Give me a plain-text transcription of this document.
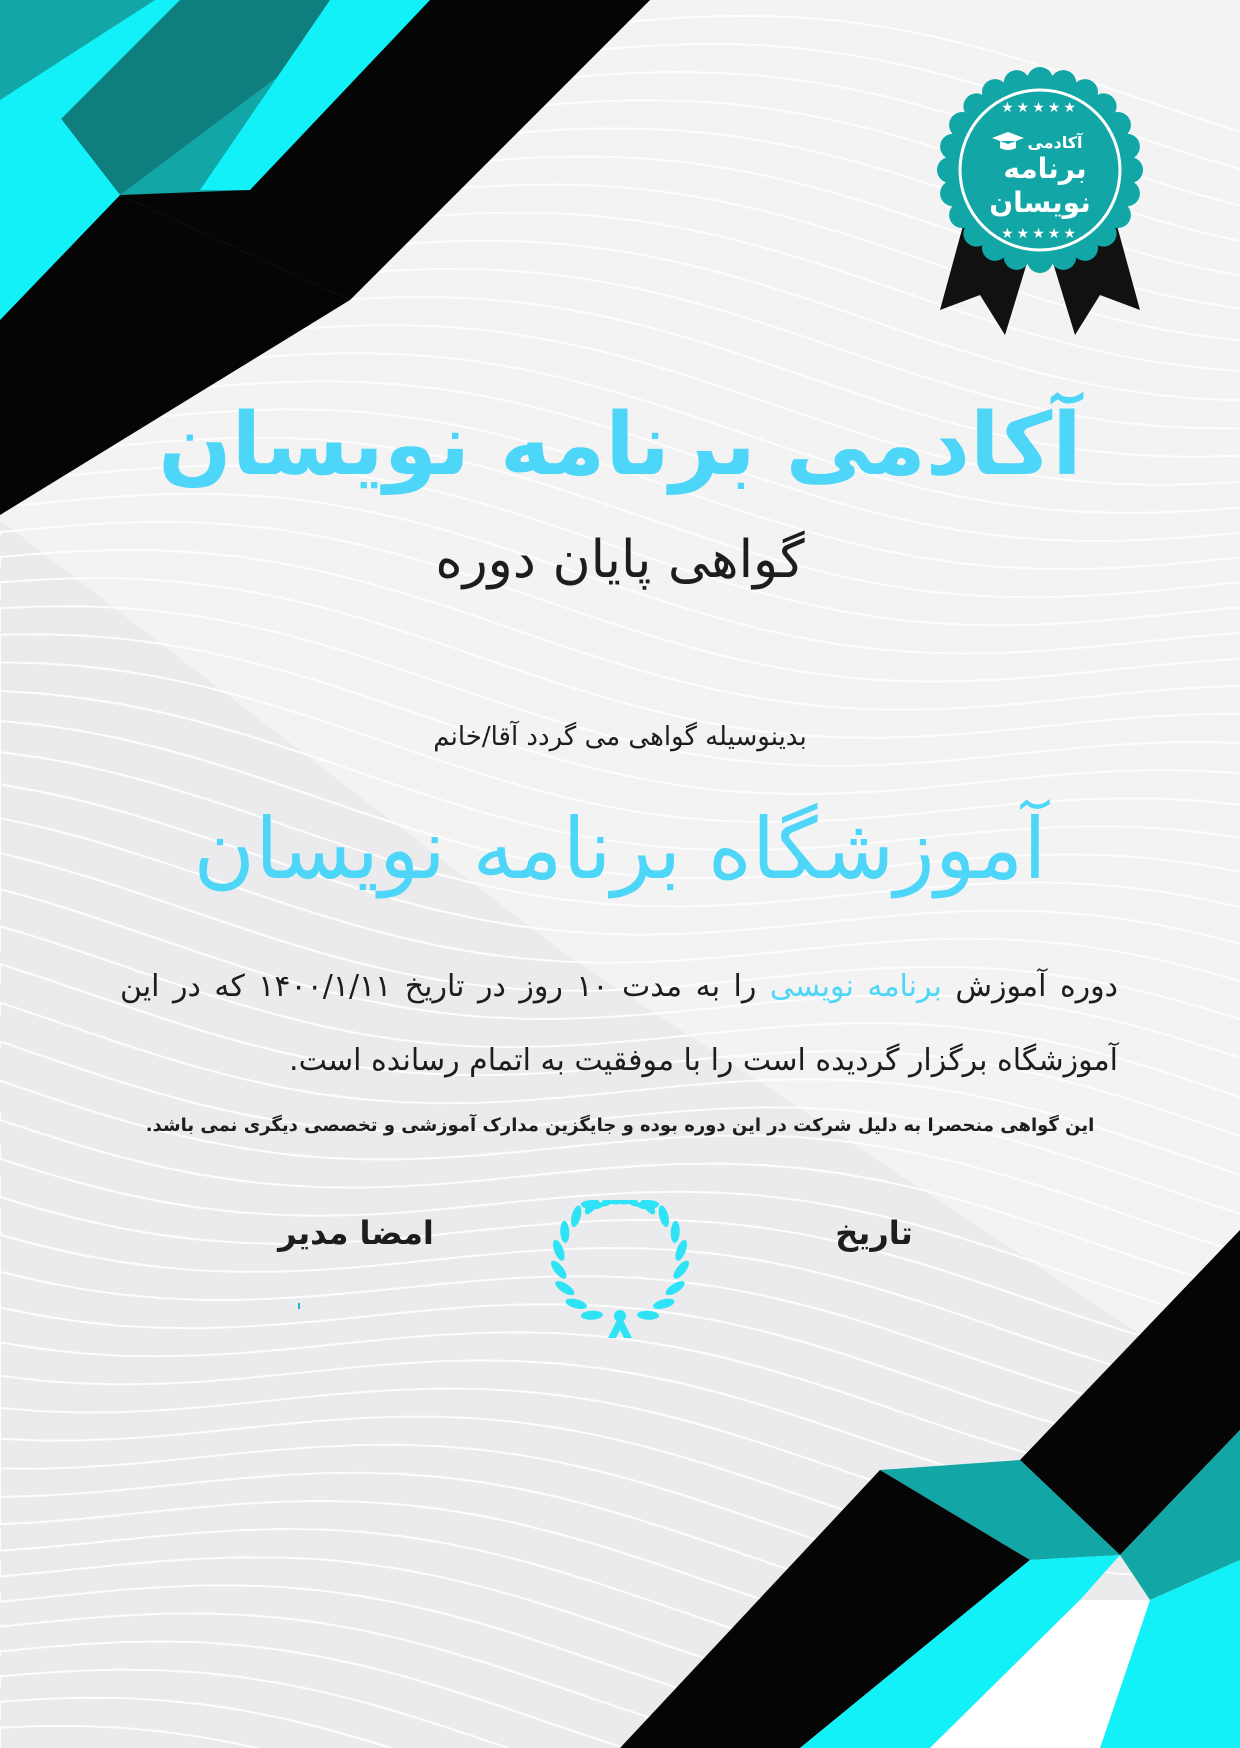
★★★★★
★★★★★
آکادمی
برنامه
نویسان
آکادمی برنامه نویسان
گواهی پایان دوره
بدینوسیله گواهی می گردد آقا/خانم
آموزشگاه برنامه نویسان
دوره آموزش برنامه نویسی را به مدت ۱۰ روز در تاریخ ۱۴۰۰/۱/۱۱ که در این آموزشگاه برگزار گردیده است را با موفقیت به اتمام رسانده است.
این گواهی منحصرا به دلیل شرکت در این دوره بوده و جایگزین مدارک آموزشی و تخصصی دیگری نمی باشد.
تاریخ
امضا مدیر
